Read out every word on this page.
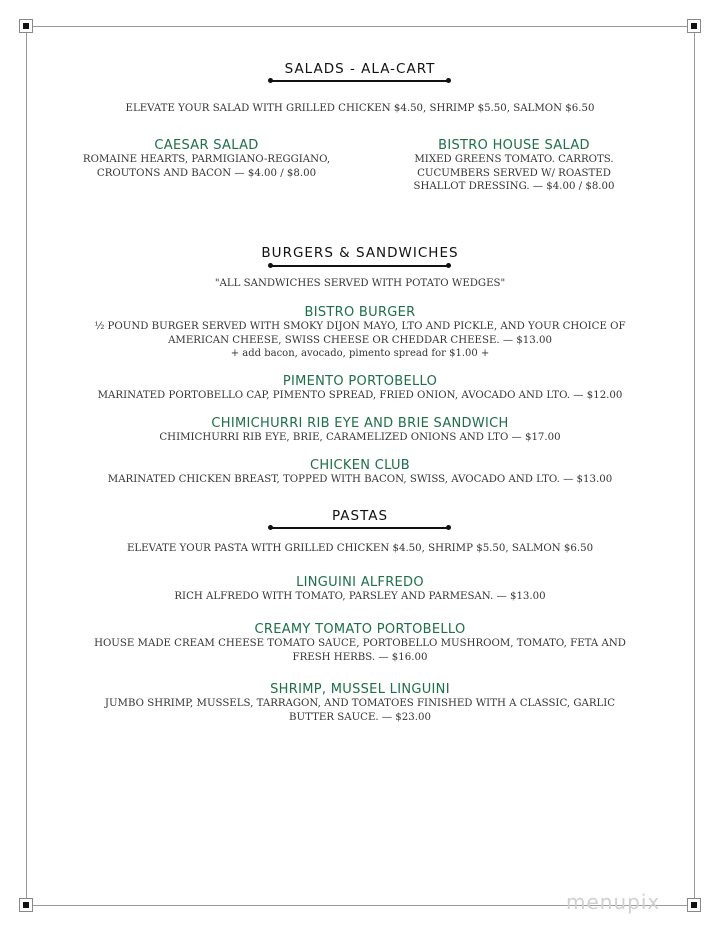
SALADS - ALA-CART
ELEVATE YOUR SALAD WITH GRILLED CHICKEN $4.50, SHRIMP $5.50, SALMON $6.50
CAESAR SALAD
ROMAINE HEARTS, PARMIGIANO-REGGIANO, CROUTONS AND BACON — $4.00 / $8.00
BISTRO HOUSE SALAD
MIXED GREENS TOMATO. CARROTS. CUCUMBERS SERVED W/ ROASTED SHALLOT DRESSING. — $4.00 / $8.00
BURGERS & SANDWICHES
"ALL SANDWICHES SERVED WITH POTATO WEDGES"
BISTRO BURGER
½ POUND BURGER SERVED WITH SMOKY DIJON MAYO, LTO AND PICKLE, AND YOUR CHOICE OF AMERICAN CHEESE, SWISS CHEESE OR CHEDDAR CHEESE. — $13.00
+ add bacon, avocado, pimento spread for $1.00 +
PIMENTO PORTOBELLO
MARINATED PORTOBELLO CAP, PIMENTO SPREAD, FRIED ONION, AVOCADO AND LTO. — $12.00
CHIMICHURRI RIB EYE AND BRIE SANDWICH
CHIMICHURRI RIB EYE, BRIE, CARAMELIZED ONIONS AND LTO — $17.00
CHICKEN CLUB
MARINATED CHICKEN BREAST, TOPPED WITH BACON, SWISS, AVOCADO AND LTO. — $13.00
PASTAS
ELEVATE YOUR PASTA WITH GRILLED CHICKEN $4.50, SHRIMP $5.50, SALMON $6.50
LINGUINI ALFREDO
RICH ALFREDO WITH TOMATO, PARSLEY AND PARMESAN. — $13.00
CREAMY TOMATO PORTOBELLO
HOUSE MADE CREAM CHEESE TOMATO SAUCE, PORTOBELLO MUSHROOM, TOMATO, FETA AND FRESH HERBS. — $16.00
SHRIMP, MUSSEL LINGUINI
JUMBO SHRIMP, MUSSELS, TARRAGON, AND TOMATOES FINISHED WITH A CLASSIC, GARLIC BUTTER SAUCE. — $23.00
menupix
